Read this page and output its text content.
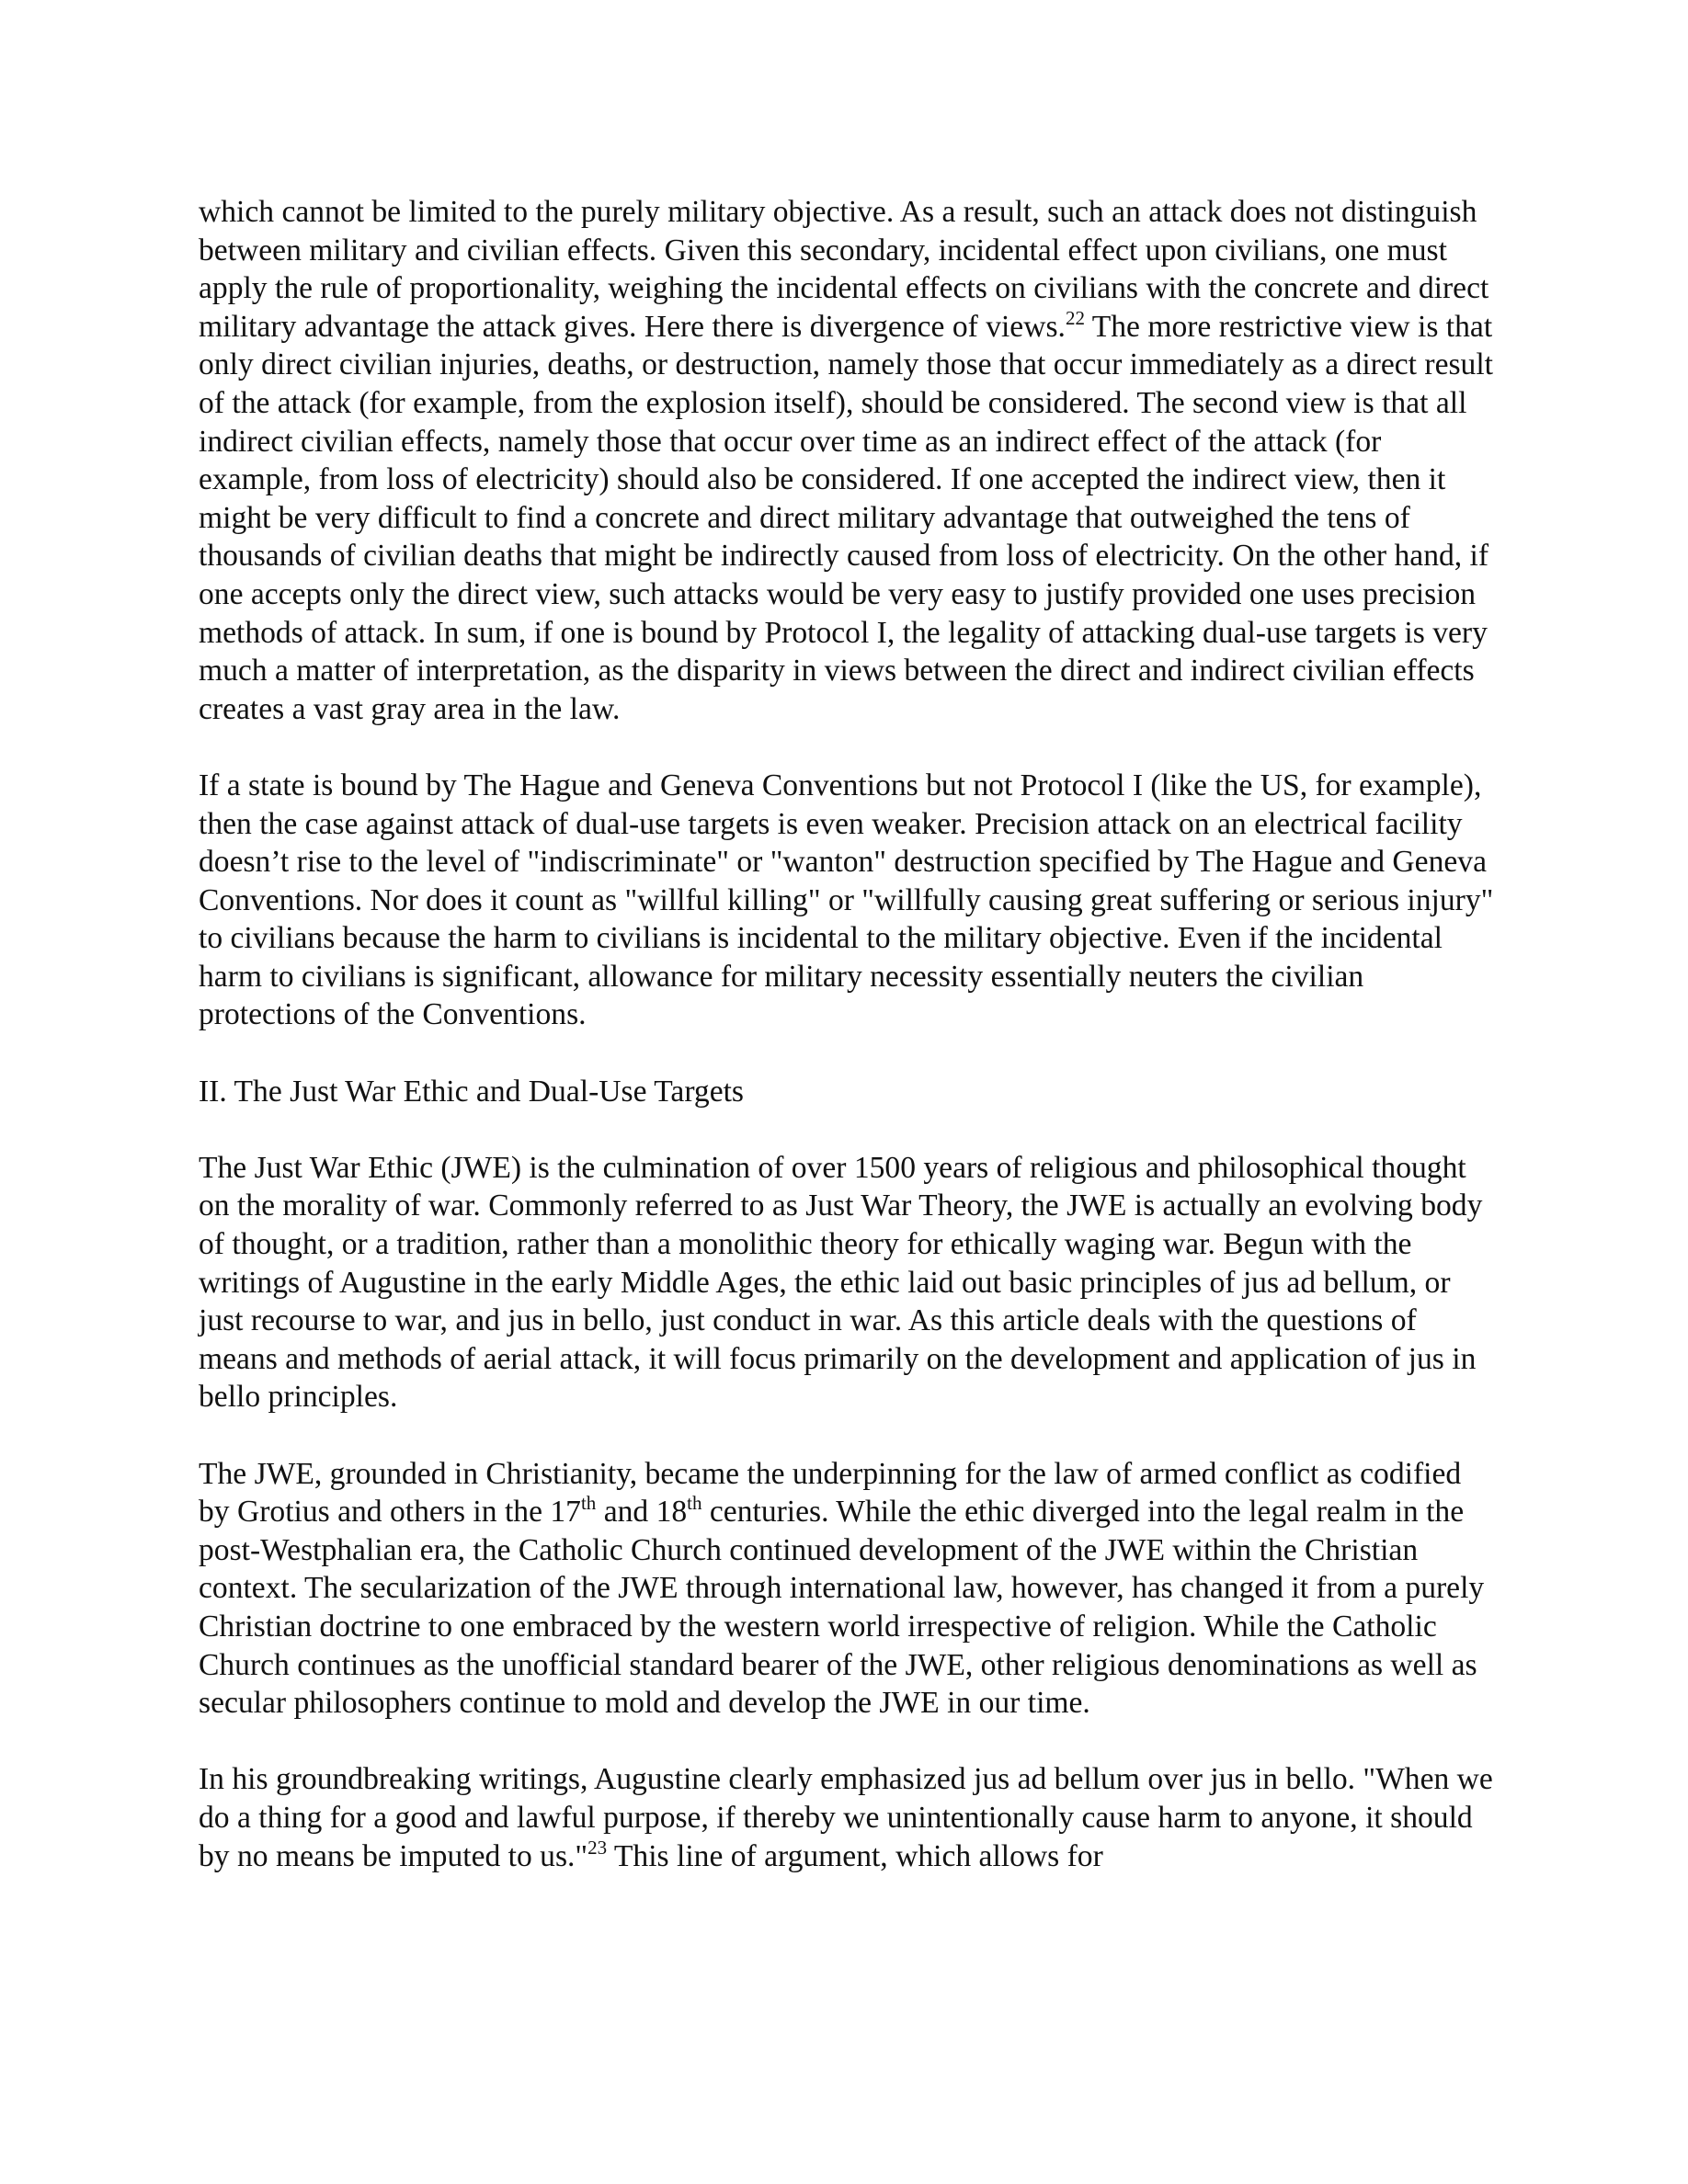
which cannot be limited to the purely military objective. As a result, such an attack does not distinguish between military and civilian effects. Given this secondary, incidental effect upon civilians, one must apply the rule of proportionality, weighing the incidental effects on civilians with the concrete and direct military advantage the attack gives. Here there is divergence of views.$^{22}$ The more restrictive view is that only direct civilian injuries, deaths, or destruction, namely those that occur immediately as a direct result of the attack (for example, from the explosion itself), should be considered. The second view is that all indirect civilian effects, namely those that occur over time as an indirect effect of the attack (for example, from loss of electricity) should also be considered. If one accepted the indirect view, then it might be very difficult to find a concrete and direct military advantage that outweighed the tens of thousands of civilian deaths that might be indirectly caused from loss of electricity. On the other hand, if one accepts only the direct view, such attacks would be very easy to justify provided one uses precision methods of attack. In sum, if one is bound by Protocol I, the legality of attacking dual-use targets is very much a matter of interpretation, as the disparity in views between the direct and indirect civilian effects creates a vast gray area in the law.

If a state is bound by The Hague and Geneva Conventions but not Protocol I (like the US, for example), then the case against attack of dual-use targets is even weaker. Precision attack on an electrical facility doesn’t rise to the level of "indiscriminate" or "wanton" destruction specified by The Hague and Geneva Conventions. Nor does it count as "willful killing" or "willfully causing great suffering or serious injury" to civilians because the harm to civilians is incidental to the military objective. Even if the incidental harm to civilians is significant, allowance for military necessity essentially neuters the civilian protections of the Conventions.

II. The Just War Ethic and Dual-Use Targets

The Just War Ethic (JWE) is the culmination of over 1500 years of religious and philosophical thought on the morality of war. Commonly referred to as Just War Theory, the JWE is actually an evolving body of thought, or a tradition, rather than a monolithic theory for ethically waging war. Begun with the writings of Augustine in the early Middle Ages, the ethic laid out basic principles of jus ad bellum, or just recourse to war, and jus in bello, just conduct in war. As this article deals with the questions of means and methods of aerial attack, it will focus primarily on the development and application of jus in bello principles.

The JWE, grounded in Christianity, became the underpinning for the law of armed conflict as codified by Grotius and others in the 17th and 18th centuries. While the ethic diverged into the legal realm in the post-Westphalian era, the Catholic Church continued development of the JWE within the Christian context. The secularization of the JWE through international law, however, has changed it from a purely Christian doctrine to one embraced by the western world irrespective of religion. While the Catholic Church continues as the unofficial standard bearer of the JWE, other religious denominations as well as secular philosophers continue to mold and develop the JWE in our time.

In his groundbreaking writings, Augustine clearly emphasized jus ad bellum over jus in bello. "When we do a thing for a good and lawful purpose, if thereby we unintentionally cause harm to anyone, it should by no means be imputed to us."$^{23}$ This line of argument, which allows for
